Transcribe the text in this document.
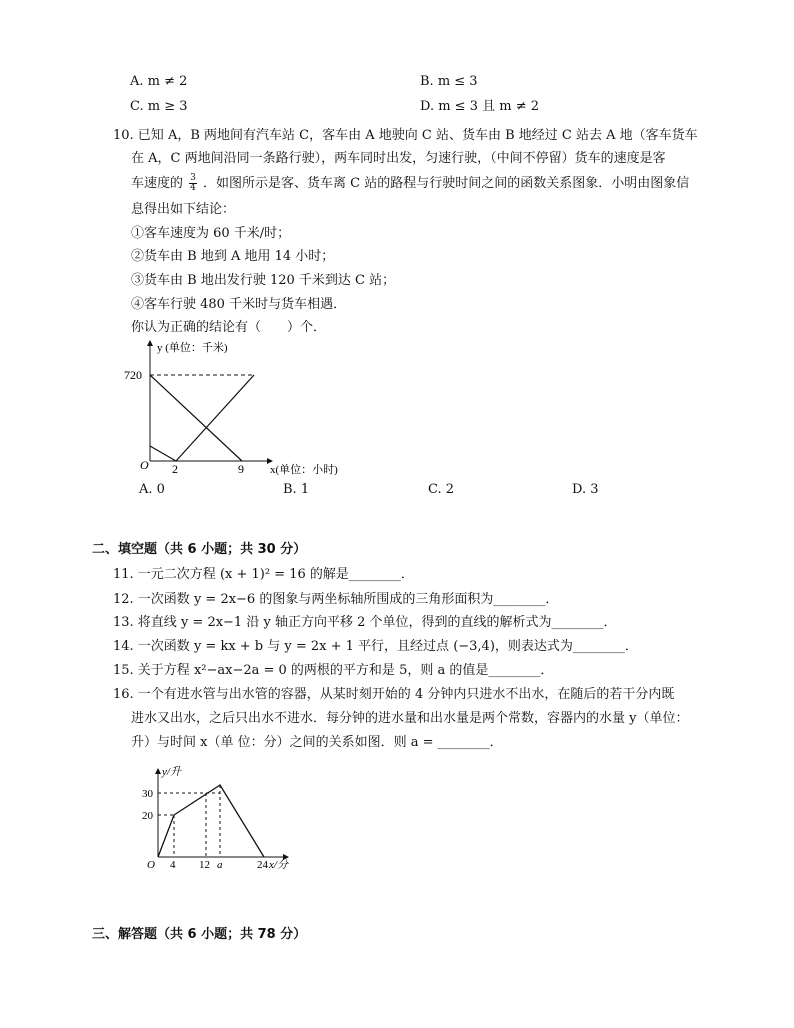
A. m ≠ 2	B. m ≤ 3
C. m ≥ 3	D. m ≤ 3 且 m ≠ 2
10. 已知 A，B 两地间有汽车站 C，客车由 A 地驶向 C 站、货车由 B 地经过 C 站去 A 地（客车货车
在 A，C 两地间沿同一条路行驶），两车同时出发，匀速行驶，（中间不停留）货车的速度是客
车速度的 $\frac{3}{4}$ ．如图所示是客、货车离 C 站的路程与行驶时间之间的函数关系图象．小明由图象信
息得出如下结论：
①客车速度为 60 千米/时；
②货车由 B 地到 A 地用 14 小时；
③货车由 B 地出发行驶 120 千米到达 C 站；
④客车行驶 480 千米时与货车相遇．
你认为正确的结论有（　　）个．
y (单位：千米)
720
O 2	9 x(单位：小时)
A. 0	B. 1	C. 2	D. 3
二、填空题（共 6 小题；共 30 分）
11. 一元二次方程 (x + 1)² = 16 的解是________．
12. 一次函数 y = 2x−6 的图象与两坐标轴所围成的三角形面积为________．
13. 将直线 y = 2x−1 沿 y 轴正方向平移 2 个单位，得到的直线的解析式为________．
14. 一次函数 y = kx + b 与 y = 2x + 1 平行，且经过点 (−3,4)，则表达式为________．
15. 关于方程 x²−ax−2a = 0 的两根的平方和是 5，则 a 的值是________．
16. 一个有进水管与出水管的容器，从某时刻开始的 4 分钟内只进水不出水，在随后的若干分内既
进水又出水，之后只出水不进水．每分钟的进水量和出水量是两个常数，容器内的水量 y（单位：
升）与时间 x（单 位：分）之间的关系如图．则 a = ________．
y/升
30
20
O 4 12 a	24 x/分
三、解答题（共 6 小题；共 78 分）
